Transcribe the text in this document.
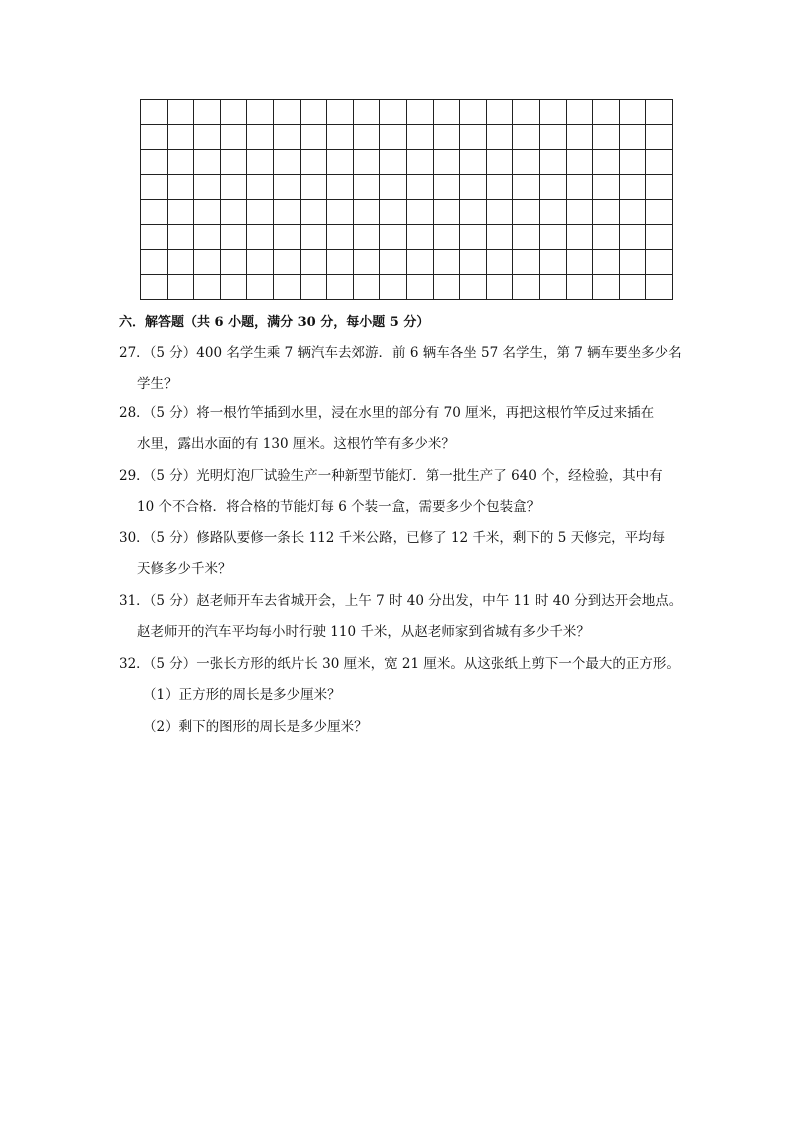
六．解答题（共 6 小题，满分 30 分，每小题 5 分）
27．（5 分）400 名学生乘 7 辆汽车去郊游．前 6 辆车各坐 57 名学生，第 7 辆车要坐多少名
学生？
28．（5 分）将一根竹竿插到水里，浸在水里的部分有 70 厘米，再把这根竹竿反过来插在
水里，露出水面的有 130 厘米。这根竹竿有多少米？
29．（5 分）光明灯泡厂试验生产一种新型节能灯．第一批生产了 640 个，经检验，其中有
10 个不合格．将合格的节能灯每 6 个装一盒，需要多少个包装盒？
30．（5 分）修路队要修一条长 112 千米公路，已修了 12 千米，剩下的 5 天修完，平均每
天修多少千米？
31．（5 分）赵老师开车去省城开会，上午 7 时 40 分出发，中午 11 时 40 分到达开会地点。
赵老师开的汽车平均每小时行驶 110 千米，从赵老师家到省城有多少千米？
32．（5 分）一张长方形的纸片长 30 厘米，宽 21 厘米。从这张纸上剪下一个最大的正方形。
（1）正方形的周长是多少厘米？
（2）剩下的图形的周长是多少厘米？
